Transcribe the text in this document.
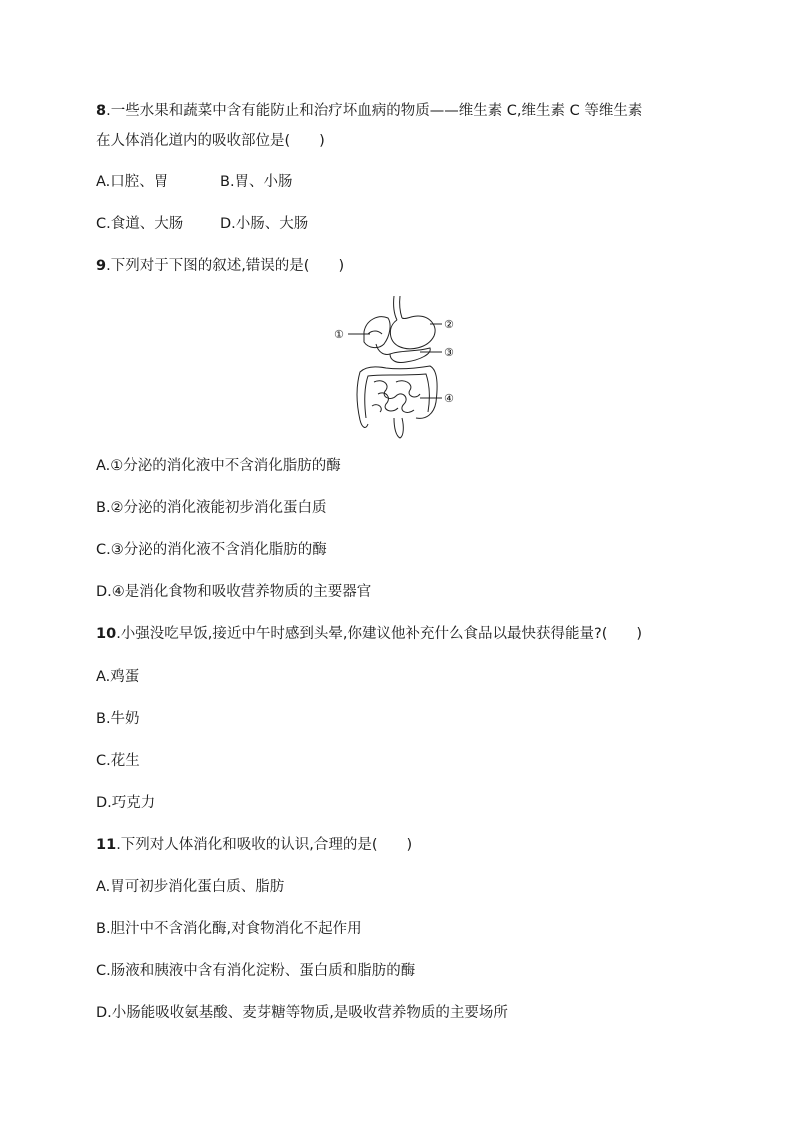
8.一些水果和蔬菜中含有能防止和治疗坏血病的物质——维生素 C,维生素 C 等维生素
在人体消化道内的吸收部位是(　　)
A.口腔、胃	B.胃、小肠
C.食道、大肠	D.小肠、大肠
9.下列对于下图的叙述,错误的是(　　)
①
②
③
④
A.①分泌的消化液中不含消化脂肪的酶
B.②分泌的消化液能初步消化蛋白质
C.③分泌的消化液不含消化脂肪的酶
D.④是消化食物和吸收营养物质的主要器官
10.小强没吃早饭,接近中午时感到头晕,你建议他补充什么食品以最快获得能量?(　　)
A.鸡蛋
B.牛奶
C.花生
D.巧克力
11.下列对人体消化和吸收的认识,合理的是(　　)
A.胃可初步消化蛋白质、脂肪
B.胆汁中不含消化酶,对食物消化不起作用
C.肠液和胰液中含有消化淀粉、蛋白质和脂肪的酶
D.小肠能吸收氨基酸、麦芽糖等物质,是吸收营养物质的主要场所
